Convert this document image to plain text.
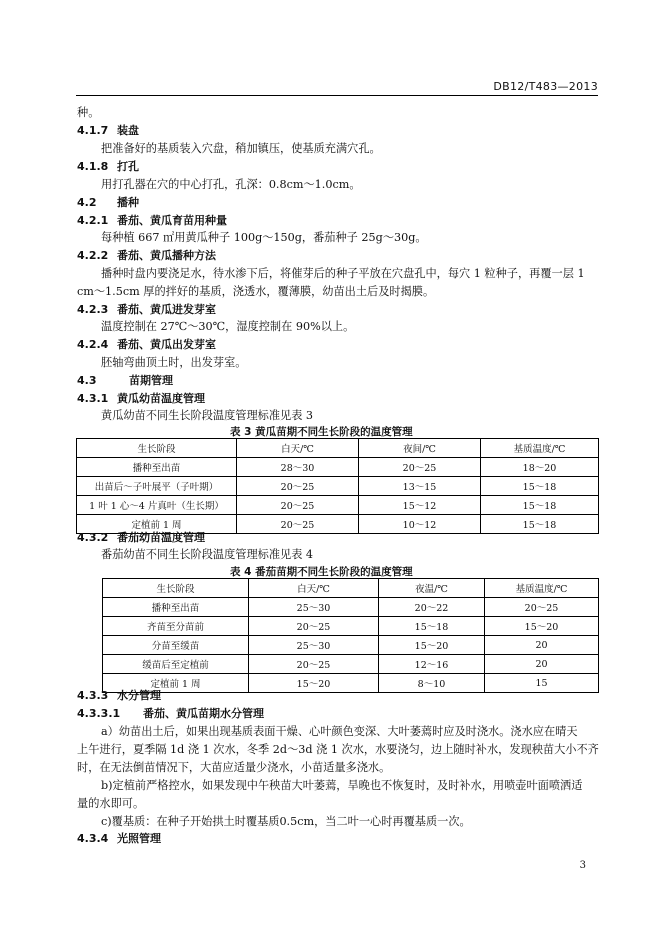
DB12/T483—2013
种。
4.1.7 装盘
把准备好的基质装入穴盘，稍加镇压，使基质充满穴孔。
4.1.8 打孔
用打孔器在穴的中心打孔，孔深：0.8cm～1.0cm。
4.2 播种
4.2.1 番茄、黄瓜育苗用种量
每种植 667 ㎡用黄瓜种子 100g～150g，番茄种子 25g～30g。
4.2.2 番茄、黄瓜播种方法
播种时盘内要浇足水，待水渗下后，将催芽后的种子平放在穴盘孔中，每穴 1 粒种子，再覆一层 1
cm～1.5cm 厚的拌好的基质，浇透水，覆薄膜，幼苗出土后及时揭膜。
4.2.3 番茄、黄瓜进发芽室
温度控制在 27℃～30℃，湿度控制在 90%以上。
4.2.4 番茄、黄瓜出发芽室
胚轴弯曲顶土时，出发芽室。
4.3	苗期管理
4.3.1 黄瓜幼苗温度管理
黄瓜幼苗不同生长阶段温度管理标准见表 3
表 3 黄瓜苗期不同生长阶段的温度管理
生长阶段	白天/℃	夜间/℃	基质温度/℃
播种至出苗	28～30	20～25	18～20
出苗后～子叶展平（子叶期）	20～25	13～15	15～18
1 叶 1 心～4 片真叶（生长期）	20～25	15～12	15～18
定植前 1 周	20～25	10～12	15～18
4.3.2 番茄幼苗温度管理
番茄幼苗不同生长阶段温度管理标准见表 4
表 4 番茄苗期不同生长阶段的温度管理
生长阶段	白天/℃	夜温/℃	基质温度/℃
播种至出苗	25～30	20～22	20～25
齐苗至分苗前	20～25	15～18	15～20
分苗至缓苗	25～30	15～20	20
缓苗后至定植前	20～25	12～16	20
定植前 1 周	15～20	8～10	15
4.3.3 水分管理
4.3.3.1 番茄、黄瓜苗期水分管理
a）幼苗出土后，如果出现基质表面干燥、心叶颜色变深、大叶萎蔫时应及时浇水。浇水应在晴天
上午进行，夏季隔 1d 浇 1 次水，冬季 2d～3d 浇 1 次水，水要浇匀，边上随时补水，发现秧苗大小不齐
时，在无法倒苗情况下，大苗应适量少浇水，小苗适量多浇水。
b)定植前严格控水，如果发现中午秧苗大叶萎蔫，旱晚也不恢复时，及时补水，用喷壶叶面喷洒适
量的水即可。
c)覆基质：在种子开始拱土时覆基质0.5cm，当二叶一心时再覆基质一次。
4.3.4 光照管理
3
